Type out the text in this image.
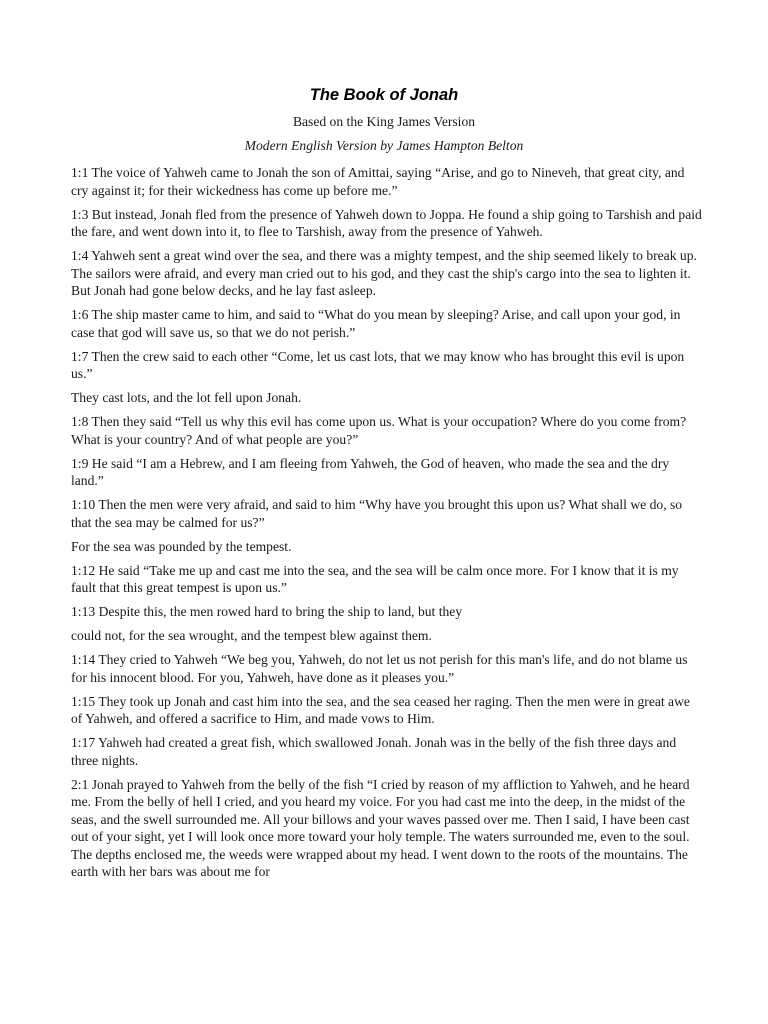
The Book of Jonah

Based on the King James Version

Modern English Version by James Hampton Belton

1:1 The voice of Yahweh came to Jonah the son of Amittai, saying “Arise, and go to Nineveh, that great city, and cry against it; for their wickedness has come up before me.”

1:3 But instead, Jonah fled from the presence of Yahweh down to Joppa. He found a ship going to Tarshish and paid the fare, and went down into it, to flee to Tarshish, away from the presence of Yahweh.

1:4 Yahweh sent a great wind over the sea, and there was a mighty tempest, and the ship seemed likely to break up. The sailors were afraid, and every man cried out to his god, and they cast the ship's cargo into the sea to lighten it. But Jonah had gone below decks, and he lay fast asleep.

1:6 The ship master came to him, and said to “What do you mean by sleeping? Arise, and call upon your god, in case that god will save us, so that we do not perish.”

1:7 Then the crew said to each other “Come, let us cast lots, that we may know who has brought this evil is upon us.”

They cast lots, and the lot fell upon Jonah.

1:8 Then they said “Tell us why this evil has come upon us. What is your occupation? Where do you come from? What is your country? And of what people are you?”

1:9 He said “I am a Hebrew, and I am fleeing from Yahweh, the God of heaven, who made the sea and the dry land.”

1:10 Then the men were very afraid, and said to him “Why have you brought this upon us? What shall we do, so that the sea may be calmed for us?”

For the sea was pounded by the tempest.

1:12 He said “Take me up and cast me into the sea, and the sea will be calm once more. For I know that it is my fault that this great tempest is upon us.”

1:13 Despite this, the men rowed hard to bring the ship to land, but they

could not, for the sea wrought, and the tempest blew against them.

1:14 They cried to Yahweh “We beg you, Yahweh, do not let us not perish for this man's life, and do not blame us for his innocent blood. For you, Yahweh, have done as it pleases you.”

1:15 They took up Jonah and cast him into the sea, and the sea ceased her raging. Then the men were in great awe of Yahweh, and offered a sacrifice to Him, and made vows to Him.

1:17 Yahweh had created a great fish, which swallowed Jonah. Jonah was in the belly of the fish three days and three nights.

2:1 Jonah prayed to Yahweh from the belly of the fish “I cried by reason of my affliction to Yahweh, and he heard me. From the belly of hell I cried, and you heard my voice. For you had cast me into the deep, in the midst of the seas, and the swell surrounded me. All your billows and your waves passed over me. Then I said, I have been cast out of your sight, yet I will look once more toward your holy temple. The waters surrounded me, even to the soul. The depths enclosed me, the weeds were wrapped about my head. I went down to the roots of the mountains. The earth with her bars was about me for
